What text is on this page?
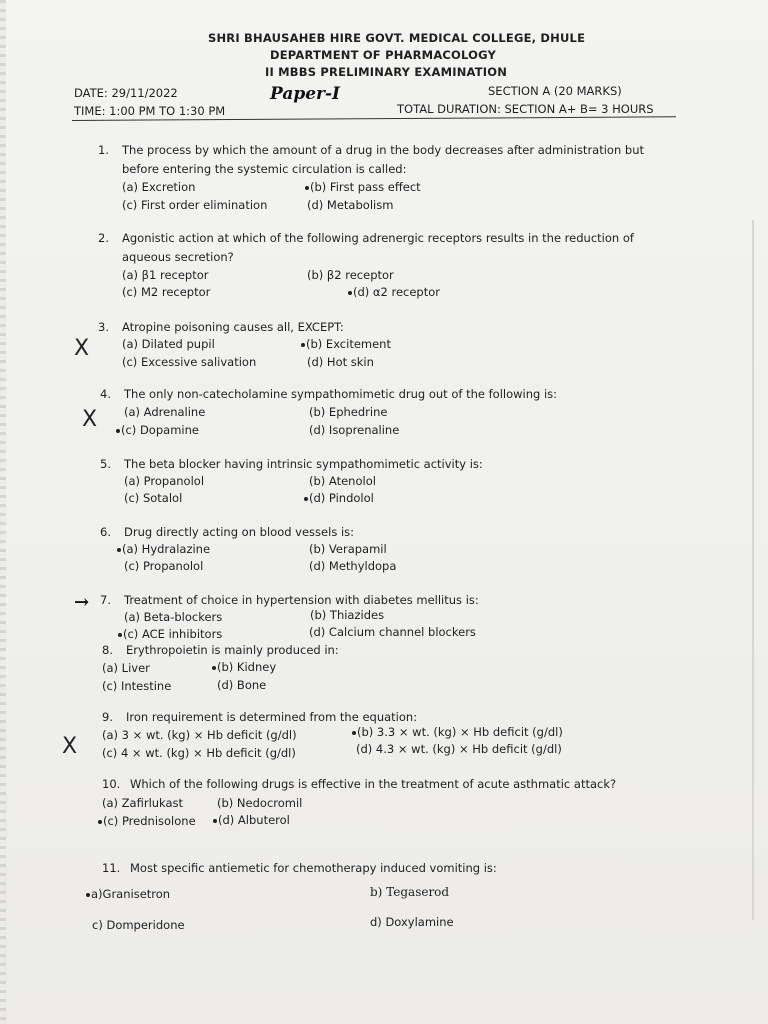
SHRI BHAUSAHEB HIRE GOVT. MEDICAL COLLEGE, DHULE
DEPARTMENT OF PHARMACOLOGY
II MBBS PRELIMINARY EXAMINATION
DATE: 29/11/2022
TIME: 1:00 PM TO 1:30 PM
Paper-I	SECTION A (20 MARKS)
TOTAL DURATION: SECTION A+ B= 3 HOURS
1. The process by which the amount of a drug in the body decreases after administration but
before entering the systemic circulation is called:
(a) Excretion	(b) First pass effect
(c) First order elimination	(d) Metabolism
2. Agonistic action at which of the following adrenergic receptors results in the reduction of
aqueous secretion?
(a) β1 receptor	(b) β2 receptor
(c) M2 receptor	(d) α2 receptor
3. Atropine poisoning causes all, EXCEPT:
X	(a) Dilated pupil	(b) Excitement
(c) Excessive salivation	(d) Hot skin
4. The only non-catecholamine sympathomimetic drug out of the following is:
X (a) Adrenaline	(b) Ephedrine
(c) Dopamine	(d) Isoprenaline
5. The beta blocker having intrinsic sympathomimetic activity is:
(a) Propanolol	(b) Atenolol
(c) Sotalol	(d) Pindolol
6. Drug directly acting on blood vessels is:
(a) Hydralazine	(b) Verapamil
(c) Propanolol	(d) Methyldopa
→ 7. Treatment of choice in hypertension with diabetes mellitus is:
(a) Beta-blockers	(b) Thiazides
(c) ACE inhibitors	(d) Calcium channel blockers
8. Erythropoietin is mainly produced in:
(a) Liver	(b) Kidney
(c) Intestine	(d) Bone
9. Iron requirement is determined from the equation:
X (a) 3 × wt. (kg) × Hb deficit (g/dl)	(b) 3.3 × wt. (kg) × Hb deficit (g/dl)
(c) 4 × wt. (kg) × Hb deficit (g/dl)	(d) 4.3 × wt. (kg) × Hb deficit (g/dl)
10. Which of the following drugs is effective in the treatment of acute asthmatic attack?
(a) Zafirlukast	(b) Nedocromil
(c) Prednisolone	(d) Albuterol
11. Most specific antiemetic for chemotherapy induced vomiting is:
a)Granisetron	b) Tegaserod
c) Domperidone	d) Doxylamine
